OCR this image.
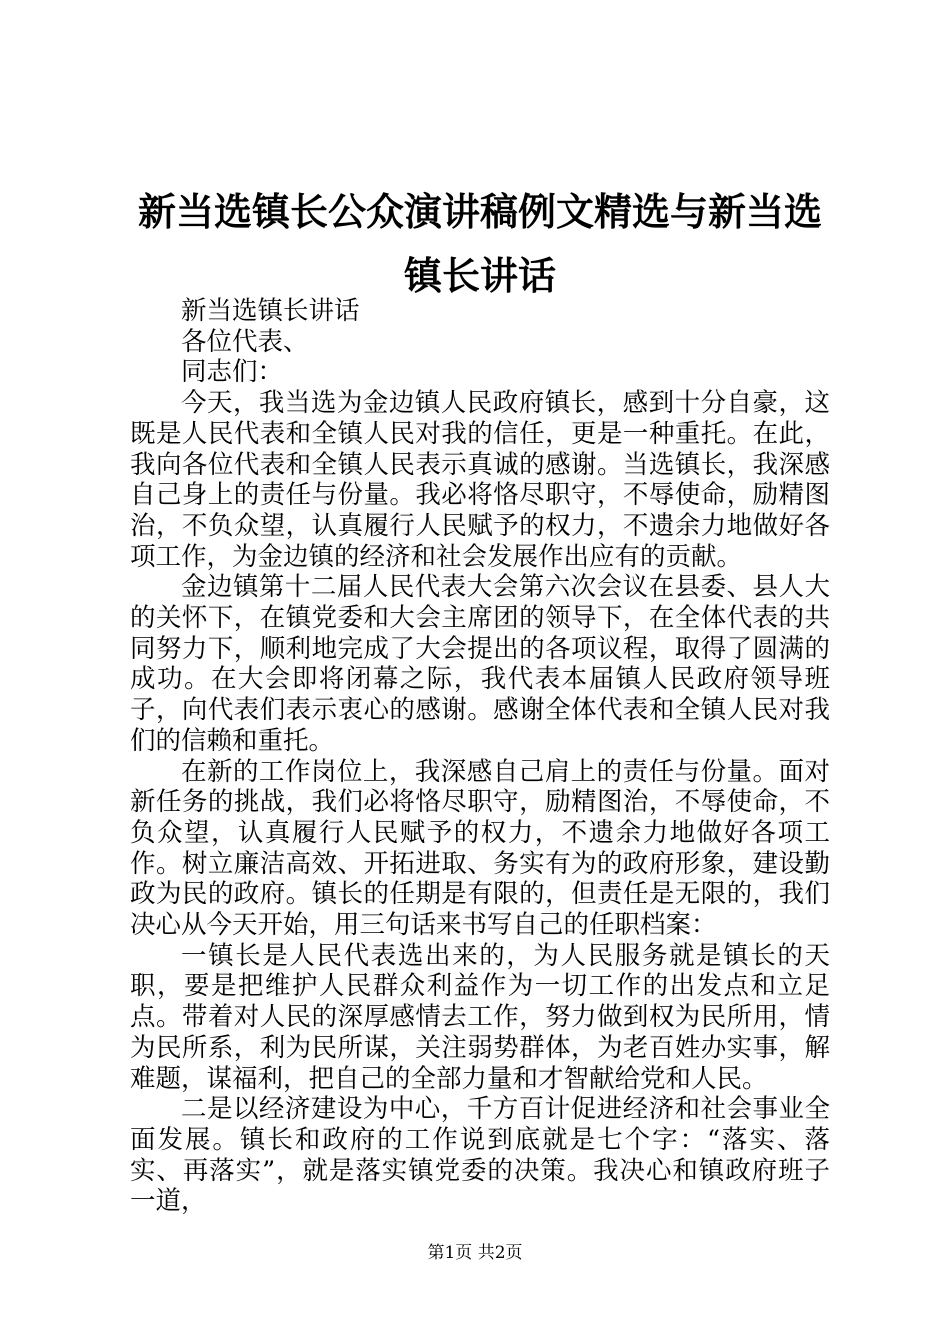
新当选镇长公众演讲稿例文精选与新当选镇长讲话

新当选镇长讲话

各位代表、

同志们：

今天，我当选为金边镇人民政府镇长，感到十分自豪，这既是人民代表和全镇人民对我的信任，更是一种重托。在此，我向各位代表和全镇人民表示真诚的感谢。当选镇长，我深感自己身上的责任与份量。我必将恪尽职守，不辱使命，励精图治，不负众望，认真履行人民赋予的权力，不遗余力地做好各项工作，为金边镇的经济和社会发展作出应有的贡献。

金边镇第十二届人民代表大会第六次会议在县委、县人大的关怀下，在镇党委和大会主席团的领导下，在全体代表的共同努力下，顺利地完成了大会提出的各项议程，取得了圆满的成功。在大会即将闭幕之际，我代表本届镇人民政府领导班子，向代表们表示衷心的感谢。感谢全体代表和全镇人民对我们的信赖和重托。

在新的工作岗位上，我深感自己肩上的责任与份量。面对新任务的挑战，我们必将恪尽职守，励精图治，不辱使命，不负众望，认真履行人民赋予的权力，不遗余力地做好各项工作。树立廉洁高效、开拓进取、务实有为的政府形象，建设勤政为民的政府。镇长的任期是有限的，但责任是无限的，我们决心从今天开始，用三句话来书写自己的任职档案：

一镇长是人民代表选出来的，为人民服务就是镇长的天职，要是把维护人民群众利益作为一切工作的出发点和立足点。带着对人民的深厚感情去工作，努力做到权为民所用，情为民所系，利为民所谋，关注弱势群体，为老百姓办实事，解难题，谋福利，把自己的全部力量和才智献给党和人民。

二是以经济建设为中心，千方百计促进经济和社会事业全面发展。镇长和政府的工作说到底就是七个字：“落实、落实、再落实”，就是落实镇党委的决策。我决心和镇政府班子一道，

第1页 共2页
